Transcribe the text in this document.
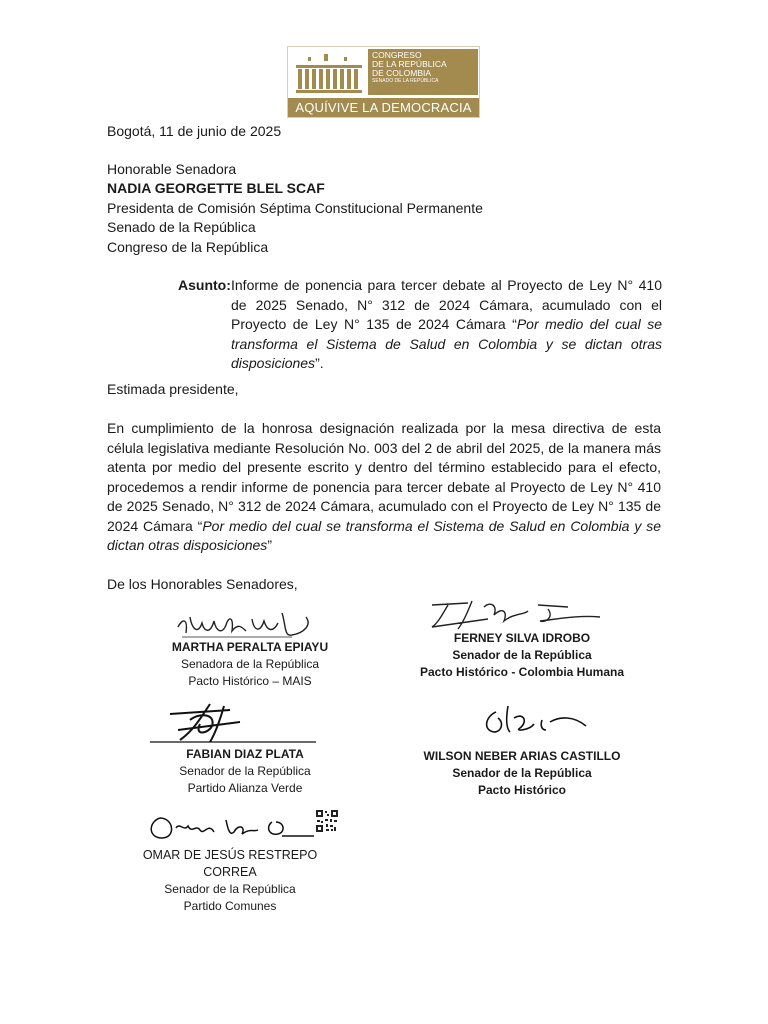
CONGRESO
DE LA REPÚBLICA
DE COLOMBIA
SENADO DE LA REPÚBLICA
AQUÍVIVE LA DEMOCRACIA
Bogotá, 11 de junio de 2025
Honorable Senadora
NADIA GEORGETTE BLEL SCAF
Presidenta de Comisión Séptima Constitucional Permanente
Senado de la República
Congreso de la República
Asunto: Informe de ponencia para tercer debate al Proyecto de Ley N° 410 de 2025 Senado, N° 312 de 2024 Cámara, acumulado con el Proyecto de Ley N° 135 de 2024 Cámara “Por medio del cual se transforma el Sistema de Salud en Colombia y se dictan otras disposiciones”.
Estimada presidente,
En cumplimiento de la honrosa designación realizada por la mesa directiva de esta célula legislativa mediante Resolución No. 003 del 2 de abril del 2025, de la manera más atenta por medio del presente escrito y dentro del término establecido para el efecto, procedemos a rendir informe de ponencia para tercer debate al Proyecto de Ley N° 410 de 2025 Senado, N° 312 de 2024 Cámara, acumulado con el Proyecto de Ley N° 135 de 2024 Cámara “Por medio del cual se transforma el Sistema de Salud en Colombia y se dictan otras disposiciones”
De los Honorables Senadores,
MARTHA PERALTA EPIAYU
Senadora de la República
Pacto Histórico – MAIS
FERNEY SILVA IDROBO
Senador de la República
Pacto Histórico - Colombia Humana
FABIAN DIAZ PLATA
Senador de la República
Partido Alianza Verde
WILSON NEBER ARIAS CASTILLO
Senador de la República
Pacto Histórico
OMAR DE JESÚS RESTREPO CORREA
Senador de la República
Partido Comunes
